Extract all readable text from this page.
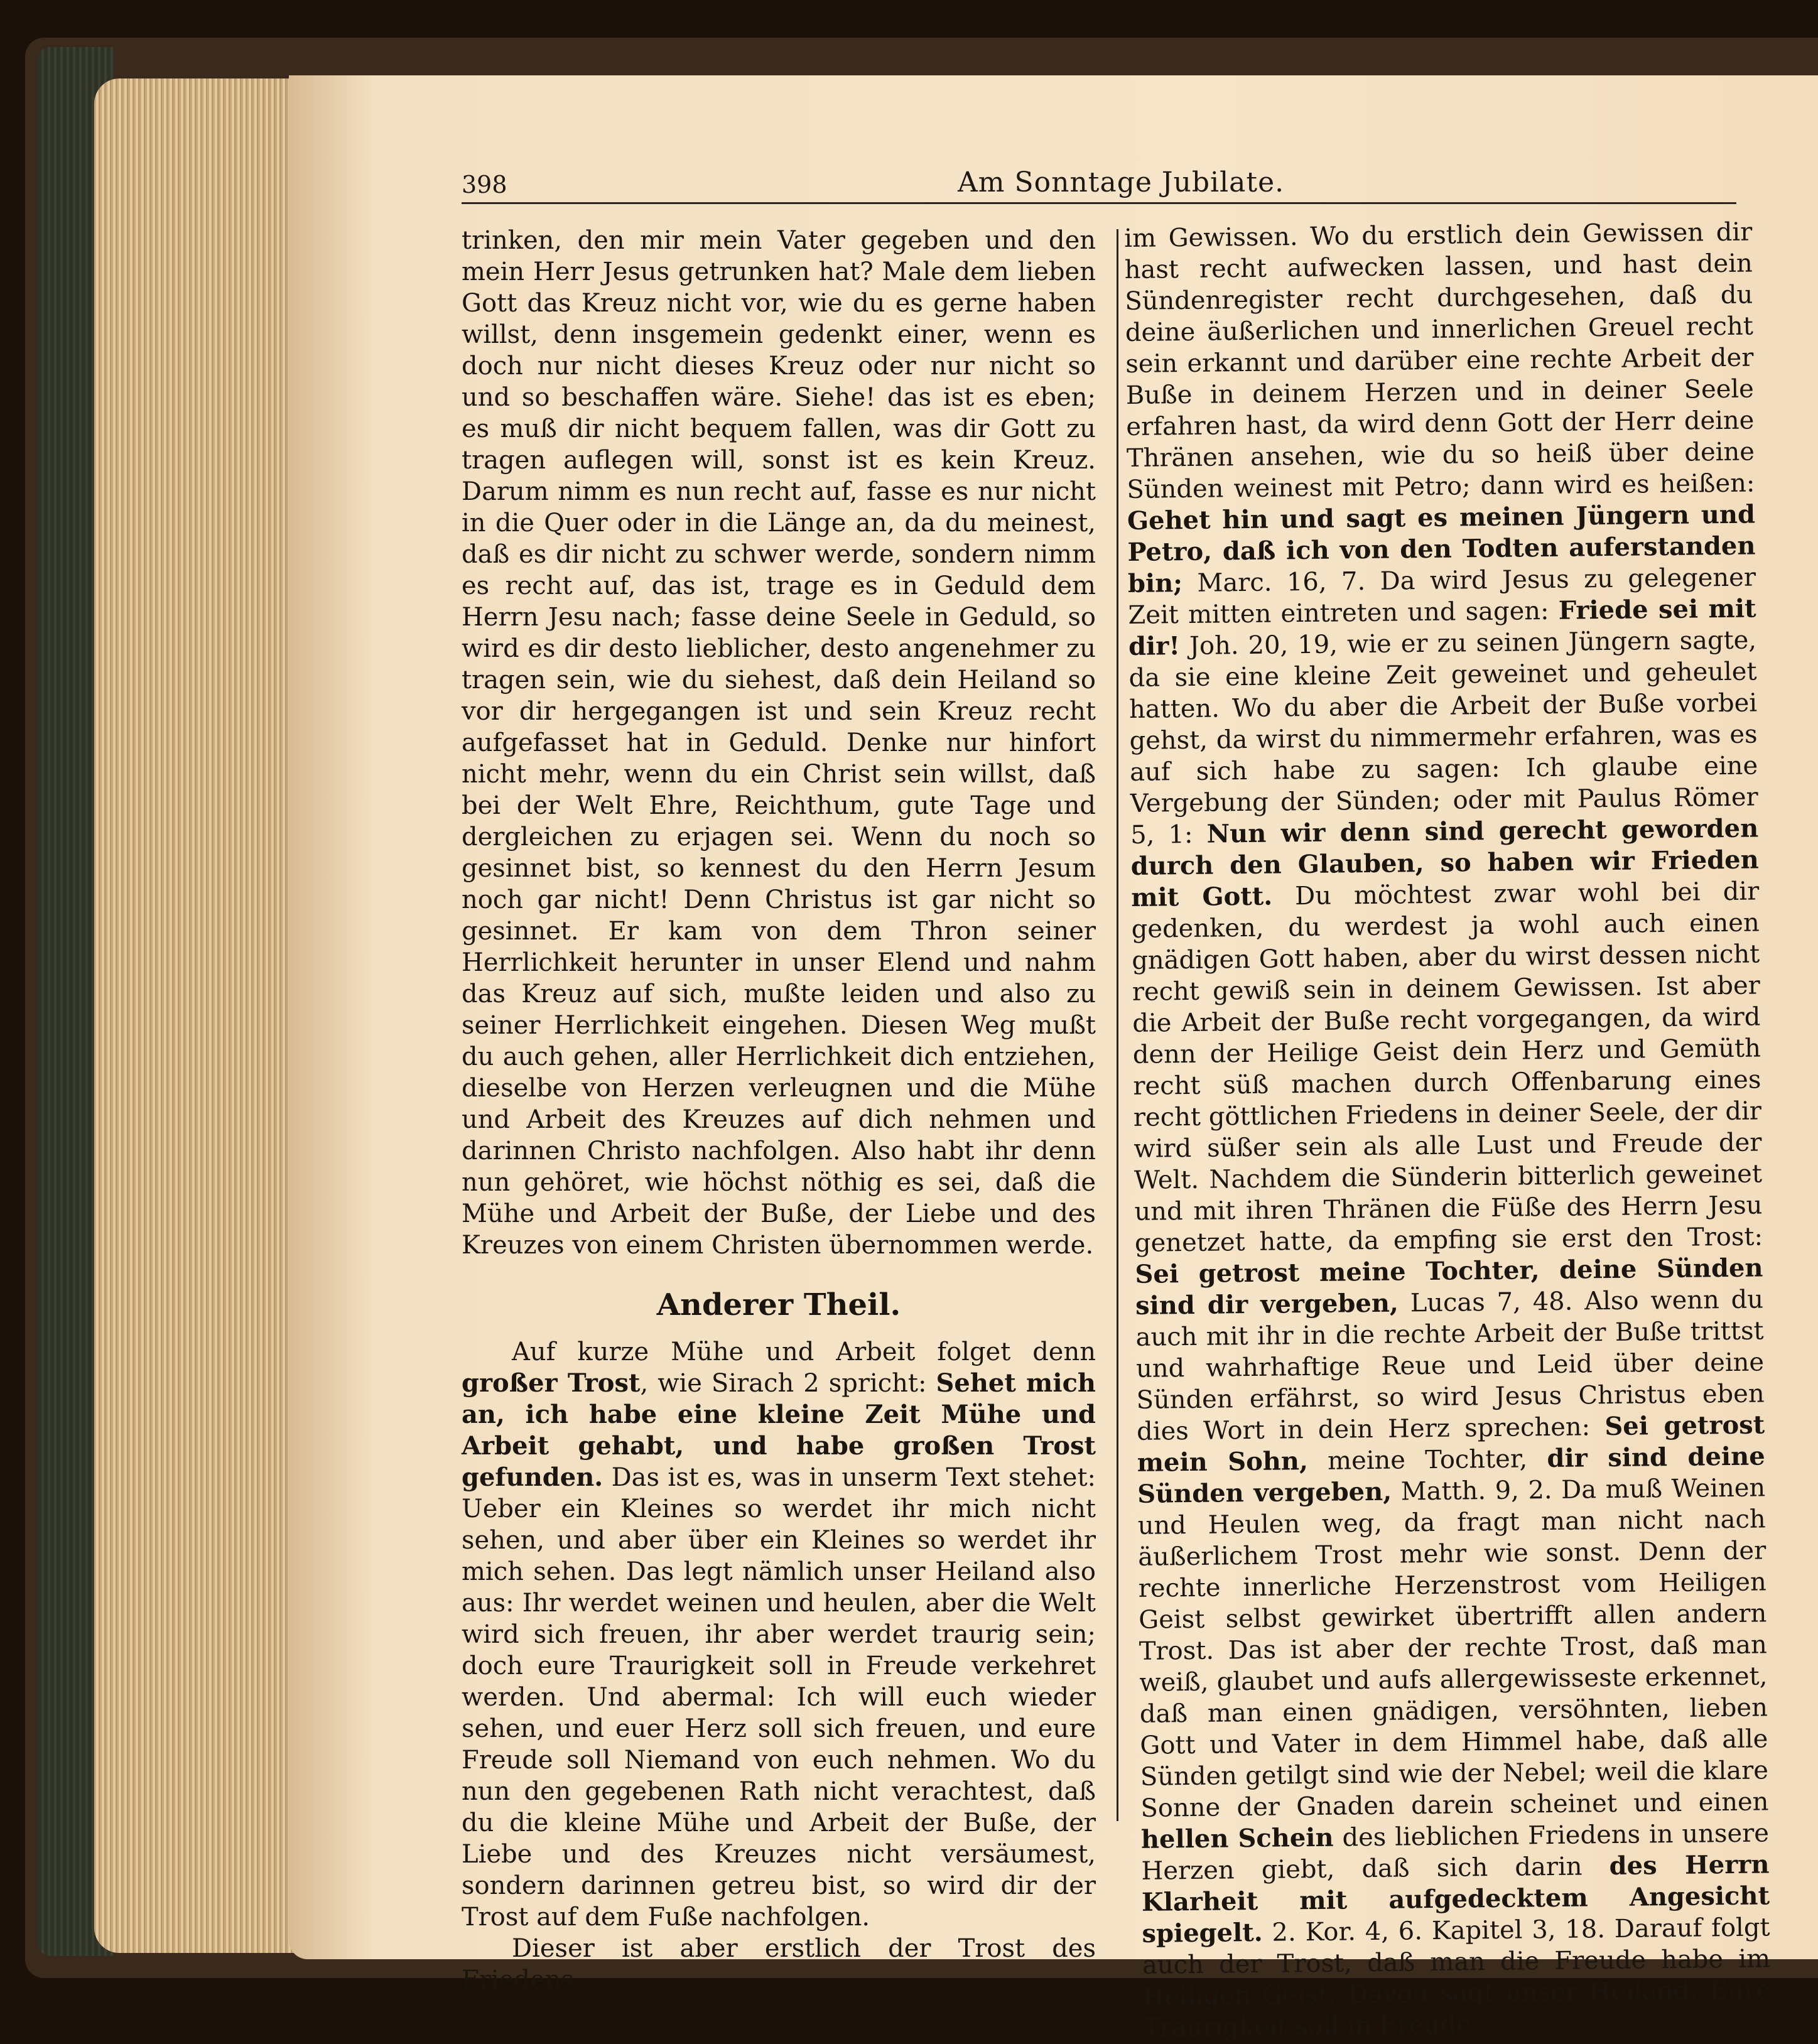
398	Am Sonntage Jubilate.

trinken, den mir mein Vater gegeben und den mein Herr Jesus getrunken hat? Male dem lieben Gott das Kreuz nicht vor, wie du es gerne haben willst, denn insgemein gedenkt einer, wenn es doch nur nicht dieses Kreuz oder nur nicht so und so beschaffen wäre. Siehe! das ist es eben; es muß dir nicht bequem fallen, was dir Gott zu tragen auflegen will, sonst ist es kein Kreuz. Darum nimm es nun recht auf, fasse es nur nicht in die Quer oder in die Länge an, da du meinest, daß es dir nicht zu schwer werde, sondern nimm es recht auf, das ist, trage es in Geduld dem Herrn Jesu nach; fasse deine Seele in Geduld, so wird es dir desto lieblicher, desto angenehmer zu tragen sein, wie du siehest, daß dein Heiland so vor dir hergegangen ist und sein Kreuz recht aufgefasset hat in Geduld. Denke nur hinfort nicht mehr, wenn du ein Christ sein willst, daß bei der Welt Ehre, Reichthum, gute Tage und dergleichen zu erjagen sei. Wenn du noch so gesinnet bist, so kennest du den Herrn Jesum noch gar nicht! Denn Christus ist gar nicht so gesinnet. Er kam von dem Thron seiner Herrlichkeit herunter in unser Elend und nahm das Kreuz auf sich, mußte leiden und also zu seiner Herrlichkeit eingehen. Diesen Weg mußt du auch gehen, aller Herrlichkeit dich entziehen, dieselbe von Herzen verleugnen und die Mühe und Arbeit des Kreuzes auf dich nehmen und darinnen Christo nachfolgen. Also habt ihr denn nun gehöret, wie höchst nöthig es sei, daß die Mühe und Arbeit der Buße, der Liebe und des Kreuzes von einem Christen übernommen werde.

Anderer Theil.

Auf kurze Mühe und Arbeit folget denn großer Trost, wie Sirach 2 spricht: Sehet mich an, ich habe eine kleine Zeit Mühe und Arbeit gehabt, und habe großen Trost gefunden. Das ist es, was in unserm Text stehet: Ueber ein Kleines so werdet ihr mich nicht sehen, und aber über ein Kleines so werdet ihr mich sehen. Das legt nämlich unser Heiland also aus: Ihr werdet weinen und heulen, aber die Welt wird sich freuen, ihr aber werdet traurig sein; doch eure Traurigkeit soll in Freude verkehret werden. Und abermal: Ich will euch wieder sehen, und euer Herz soll sich freuen, und eure Freude soll Niemand von euch nehmen. Wo du nun den gegebenen Rath nicht verachtest, daß du die kleine Mühe und Arbeit der Buße, der Liebe und des Kreuzes nicht versäumest, sondern darinnen getreu bist, so wird dir der Trost auf dem Fuße nachfolgen.

Dieser ist aber erstlich der Trost des Friedens

im Gewissen. Wo du erstlich dein Gewissen dir hast recht aufwecken lassen, und hast dein Sündenregister recht durchgesehen, daß du deine äußerlichen und innerlichen Greuel recht sein erkannt und darüber eine rechte Arbeit der Buße in deinem Herzen und in deiner Seele erfahren hast, da wird denn Gott der Herr deine Thränen ansehen, wie du so heiß über deine Sünden weinest mit Petro; dann wird es heißen: Gehet hin und sagt es meinen Jüngern und Petro, daß ich von den Todten auferstanden bin; Marc. 16, 7. Da wird Jesus zu gelegener Zeit mitten eintreten und sagen: Friede sei mit dir! Joh. 20, 19, wie er zu seinen Jüngern sagte, da sie eine kleine Zeit geweinet und geheulet hatten. Wo du aber die Arbeit der Buße vorbei gehst, da wirst du nimmermehr erfahren, was es auf sich habe zu sagen: Ich glaube eine Vergebung der Sünden; oder mit Paulus Römer 5, 1: Nun wir denn sind gerecht geworden durch den Glauben, so haben wir Frieden mit Gott. Du möchtest zwar wohl bei dir gedenken, du werdest ja wohl auch einen gnädigen Gott haben, aber du wirst dessen nicht recht gewiß sein in deinem Gewissen. Ist aber die Arbeit der Buße recht vorgegangen, da wird denn der Heilige Geist dein Herz und Gemüth recht süß machen durch Offenbarung eines recht göttlichen Friedens in deiner Seele, der dir wird süßer sein als alle Lust und Freude der Welt. Nachdem die Sünderin bitterlich geweinet und mit ihren Thränen die Füße des Herrn Jesu genetzet hatte, da empfing sie erst den Trost: Sei getrost meine Tochter, deine Sünden sind dir vergeben, Lucas 7, 48. Also wenn du auch mit ihr in die rechte Arbeit der Buße trittst und wahrhaftige Reue und Leid über deine Sünden erfährst, so wird Jesus Christus eben dies Wort in dein Herz sprechen: Sei getrost mein Sohn, meine Tochter, dir sind deine Sünden vergeben, Matth. 9, 2. Da muß Weinen und Heulen weg, da fragt man nicht nach äußerlichem Trost mehr wie sonst. Denn der rechte innerliche Herzenstrost vom Heiligen Geist selbst gewirket übertrifft allen andern Trost. Das ist aber der rechte Trost, daß man weiß, glaubet und aufs allergewisseste erkennet, daß man einen gnädigen, versöhnten, lieben Gott und Vater in dem Himmel habe, daß alle Sünden getilgt sind wie der Nebel; weil die klare Sonne der Gnaden darein scheinet und einen hellen Schein des lieblichen Friedens in unsere Herzen giebt, daß sich darin des Herrn Klarheit mit aufgedecktem Angesicht spiegelt. 2. Kor. 4, 6. Kapitel 3, 18. Darauf folgt auch der Trost, daß man die Freude habe im Heiligen Geist. Davon sagt unser Heiland: Eure Traurigkeit soll in Freude
